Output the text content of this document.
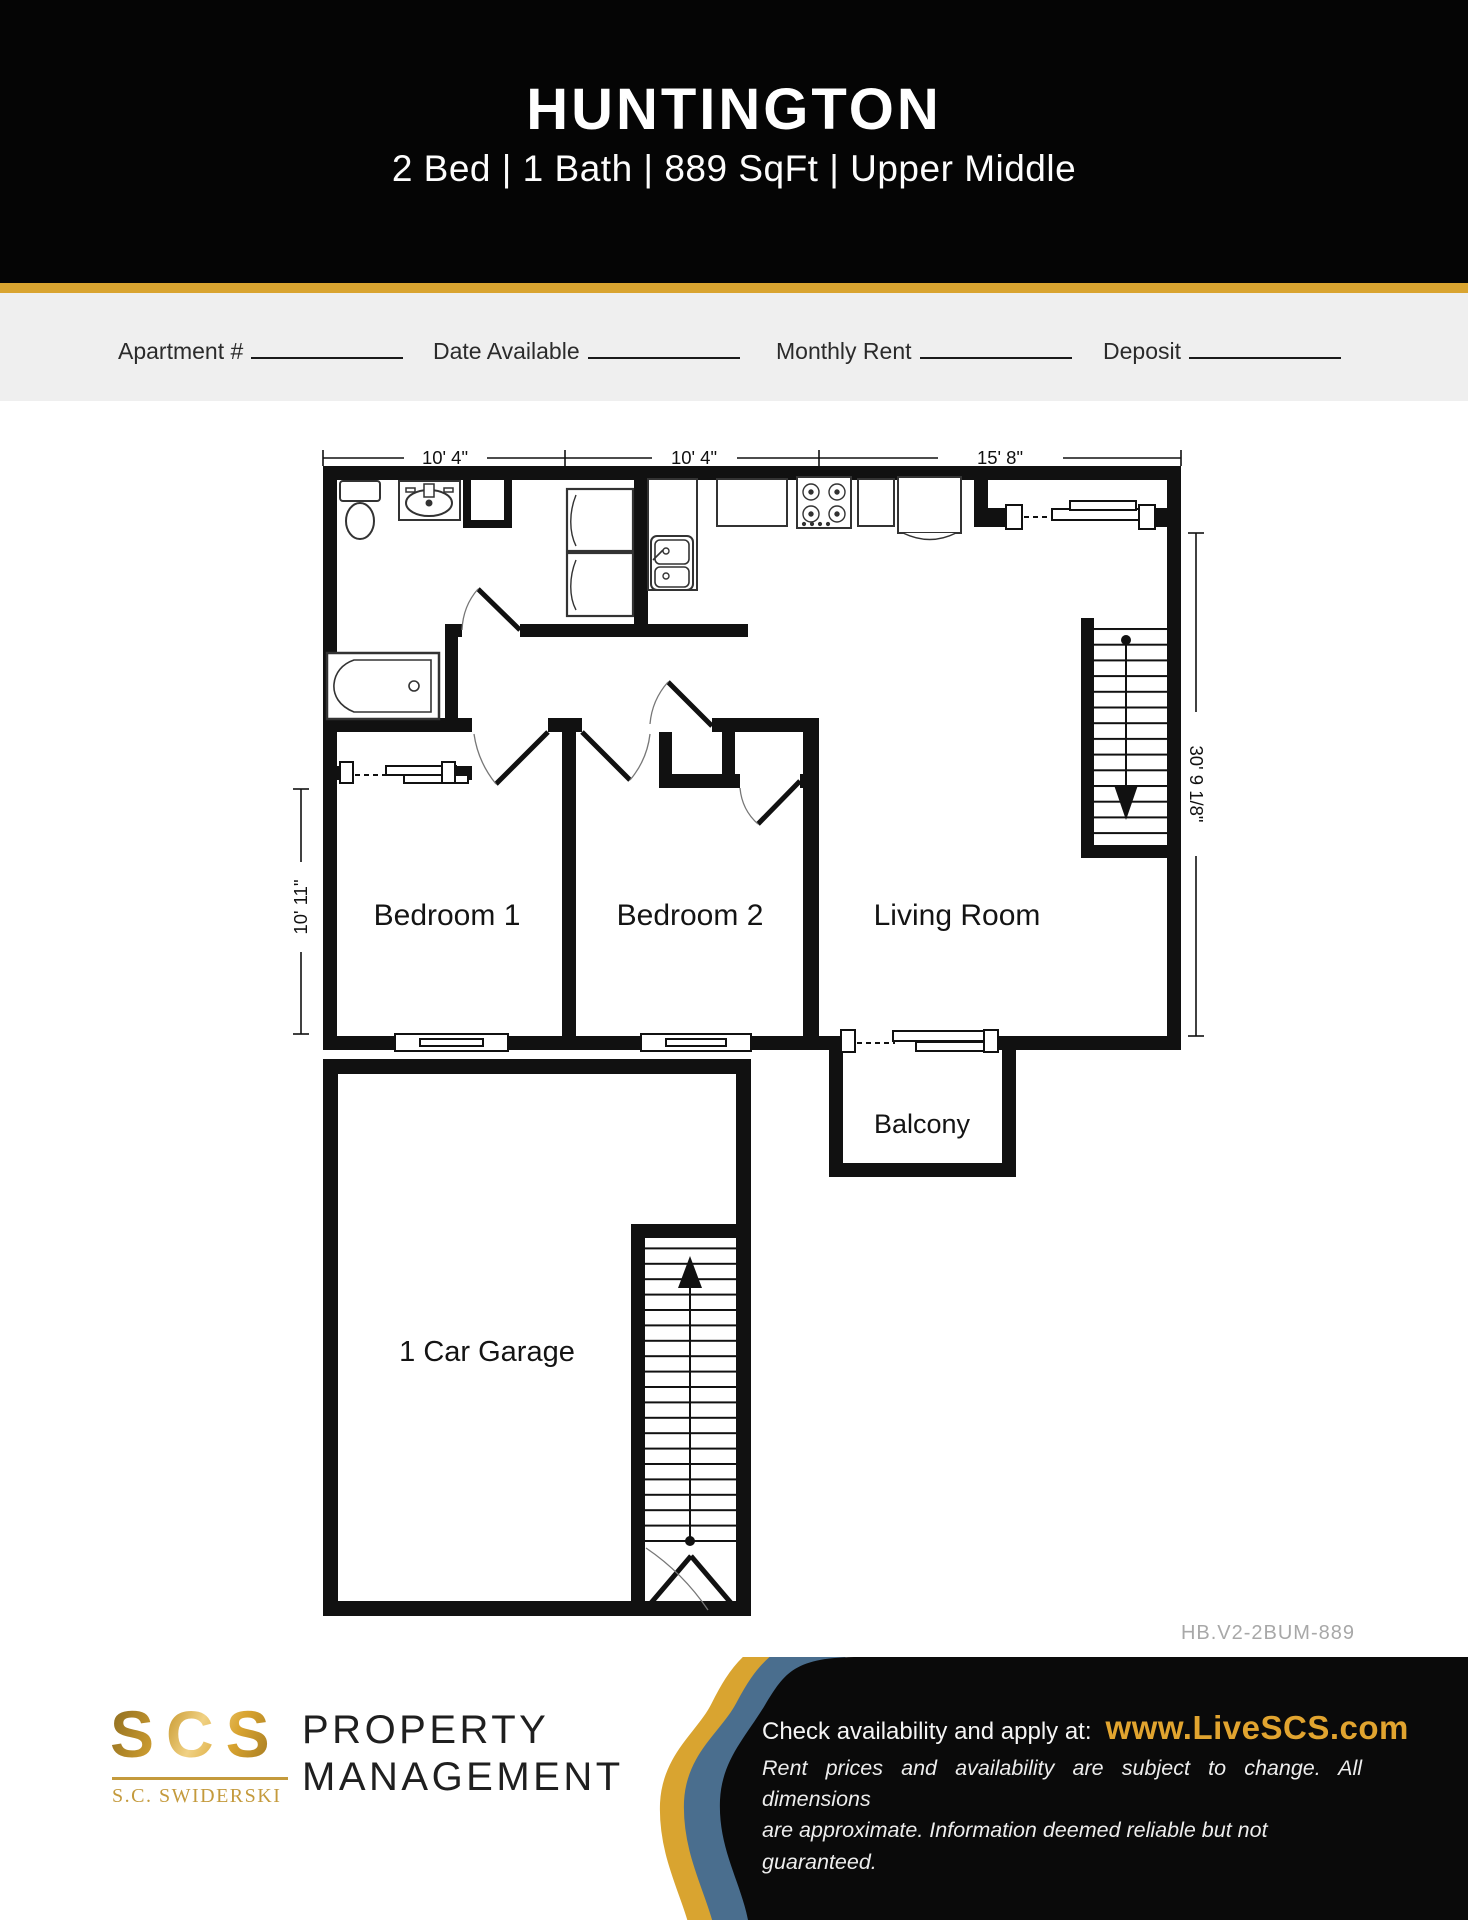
HUNTINGTON
2 Bed | 1 Bath | 889 SqFt | Upper Middle
Apartment #	Date Available	Monthly Rent	Deposit
10' 4"	10' 4"	15' 8"
10' 11"
30' 9 1/8"
Bedroom 1	Bedroom 2	Living Room
Balcony
1 Car Garage
HB.V2-2BUM-889
SCS
S.C. SWIDERSKI
PROPERTY
MANAGEMENT
Check availability and apply at: www.LiveSCS.com
Rent prices and availability are subject to change. All dimensions
are approximate. Information deemed reliable but not guaranteed.
